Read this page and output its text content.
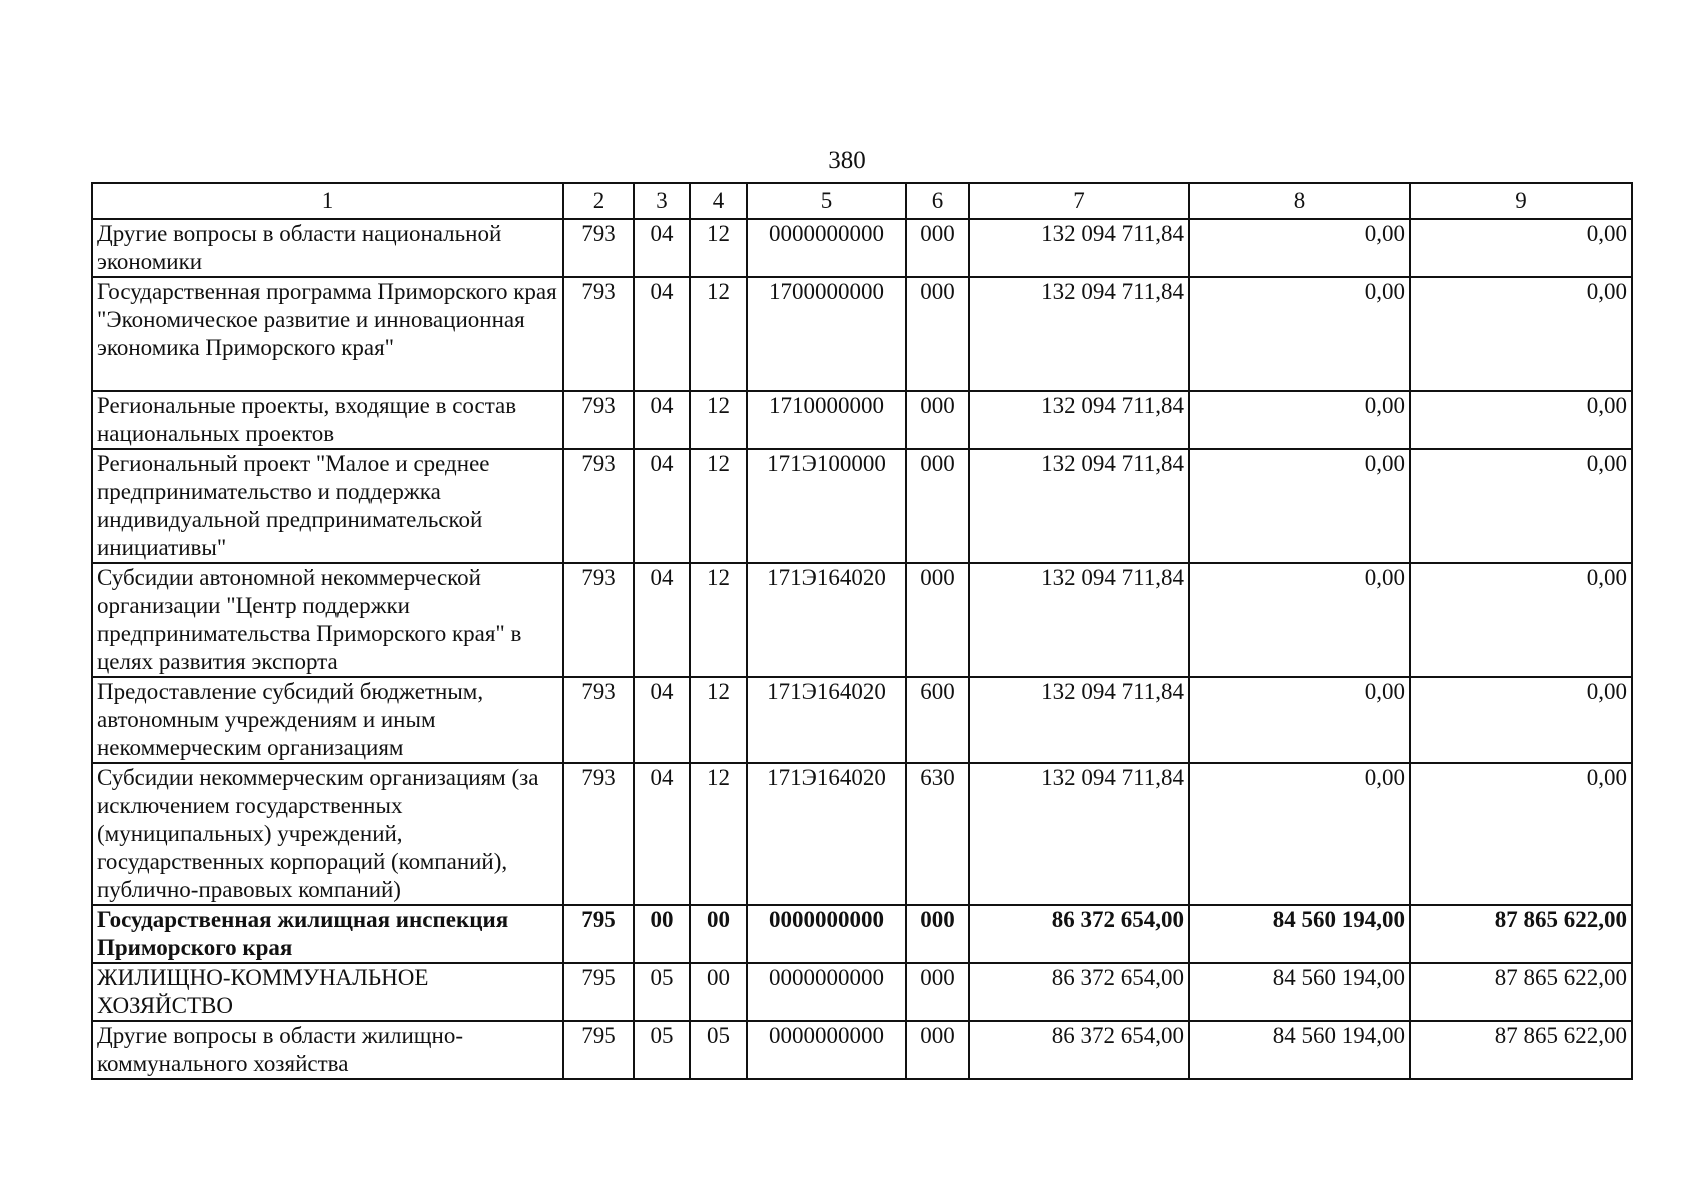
380
1	2	3	4	5	6	7	8	9
Другие вопросы в области национальной экономики	793	04	12	0000000000	000	132 094 711,84	0,00	0,00
Государственная программа Приморского края "Экономическое развитие и инновационная экономика Приморского края"	793	04	12	1700000000	000	132 094 711,84	0,00	0,00
Региональные проекты, входящие в состав национальных проектов	793	04	12	1710000000	000	132 094 711,84	0,00	0,00
Региональный проект "Малое и среднее предпринимательство и поддержка индивидуальной предпринимательской инициативы"	793	04	12	171Э100000	000	132 094 711,84	0,00	0,00
Субсидии автономной некоммерческой организации "Центр поддержки предпринимательства Приморского края" в целях развития экспорта	793	04	12	171Э164020	000	132 094 711,84	0,00	0,00
Предоставление субсидий бюджетным, автономным учреждениям и иным некоммерческим организациям	793	04	12	171Э164020	600	132 094 711,84	0,00	0,00
Субсидии некоммерческим организациям (за исключением государственных (муниципальных) учреждений, государственных корпораций (компаний), публично-правовых компаний)	793	04	12	171Э164020	630	132 094 711,84	0,00	0,00
Государственная жилищная инспекция Приморского края	795	00	00	0000000000	000	86 372 654,00	84 560 194,00	87 865 622,00
ЖИЛИЩНО-КОММУНАЛЬНОЕ ХОЗЯЙСТВО	795	05	00	0000000000	000	86 372 654,00	84 560 194,00	87 865 622,00
Другие вопросы в области жилищно-коммунального хозяйства	795	05	05	0000000000	000	86 372 654,00	84 560 194,00	87 865 622,00
